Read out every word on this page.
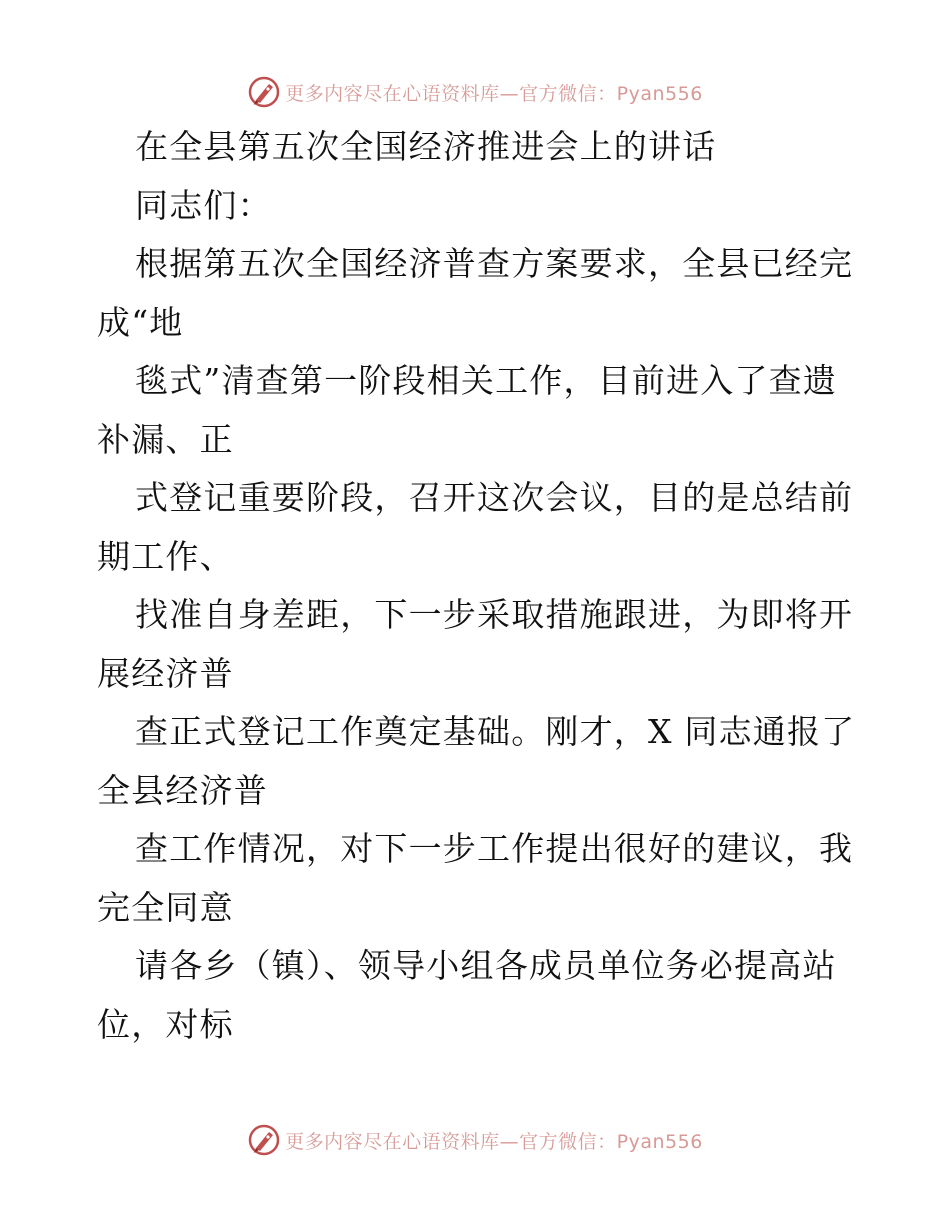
更多内容尽在心语资料库—官方微信：Pyan556
在全县第五次全国经济推进会上的讲话
同志们：
根据第五次全国经济普查方案要求，全县已经完
成“地
毯式”清查第一阶段相关工作，目前进入了查遗
补漏、正
式登记重要阶段，召开这次会议，目的是总结前
期工作、
找准自身差距，下一步采取措施跟进，为即将开
展经济普
查正式登记工作奠定基础。刚才，X 同志通报了
全县经济普
查工作情况，对下一步工作提出很好的建议，我
完全同意
请各乡（镇）、领导小组各成员单位务必提高站
位，对标
更多内容尽在心语资料库—官方微信：Pyan556
